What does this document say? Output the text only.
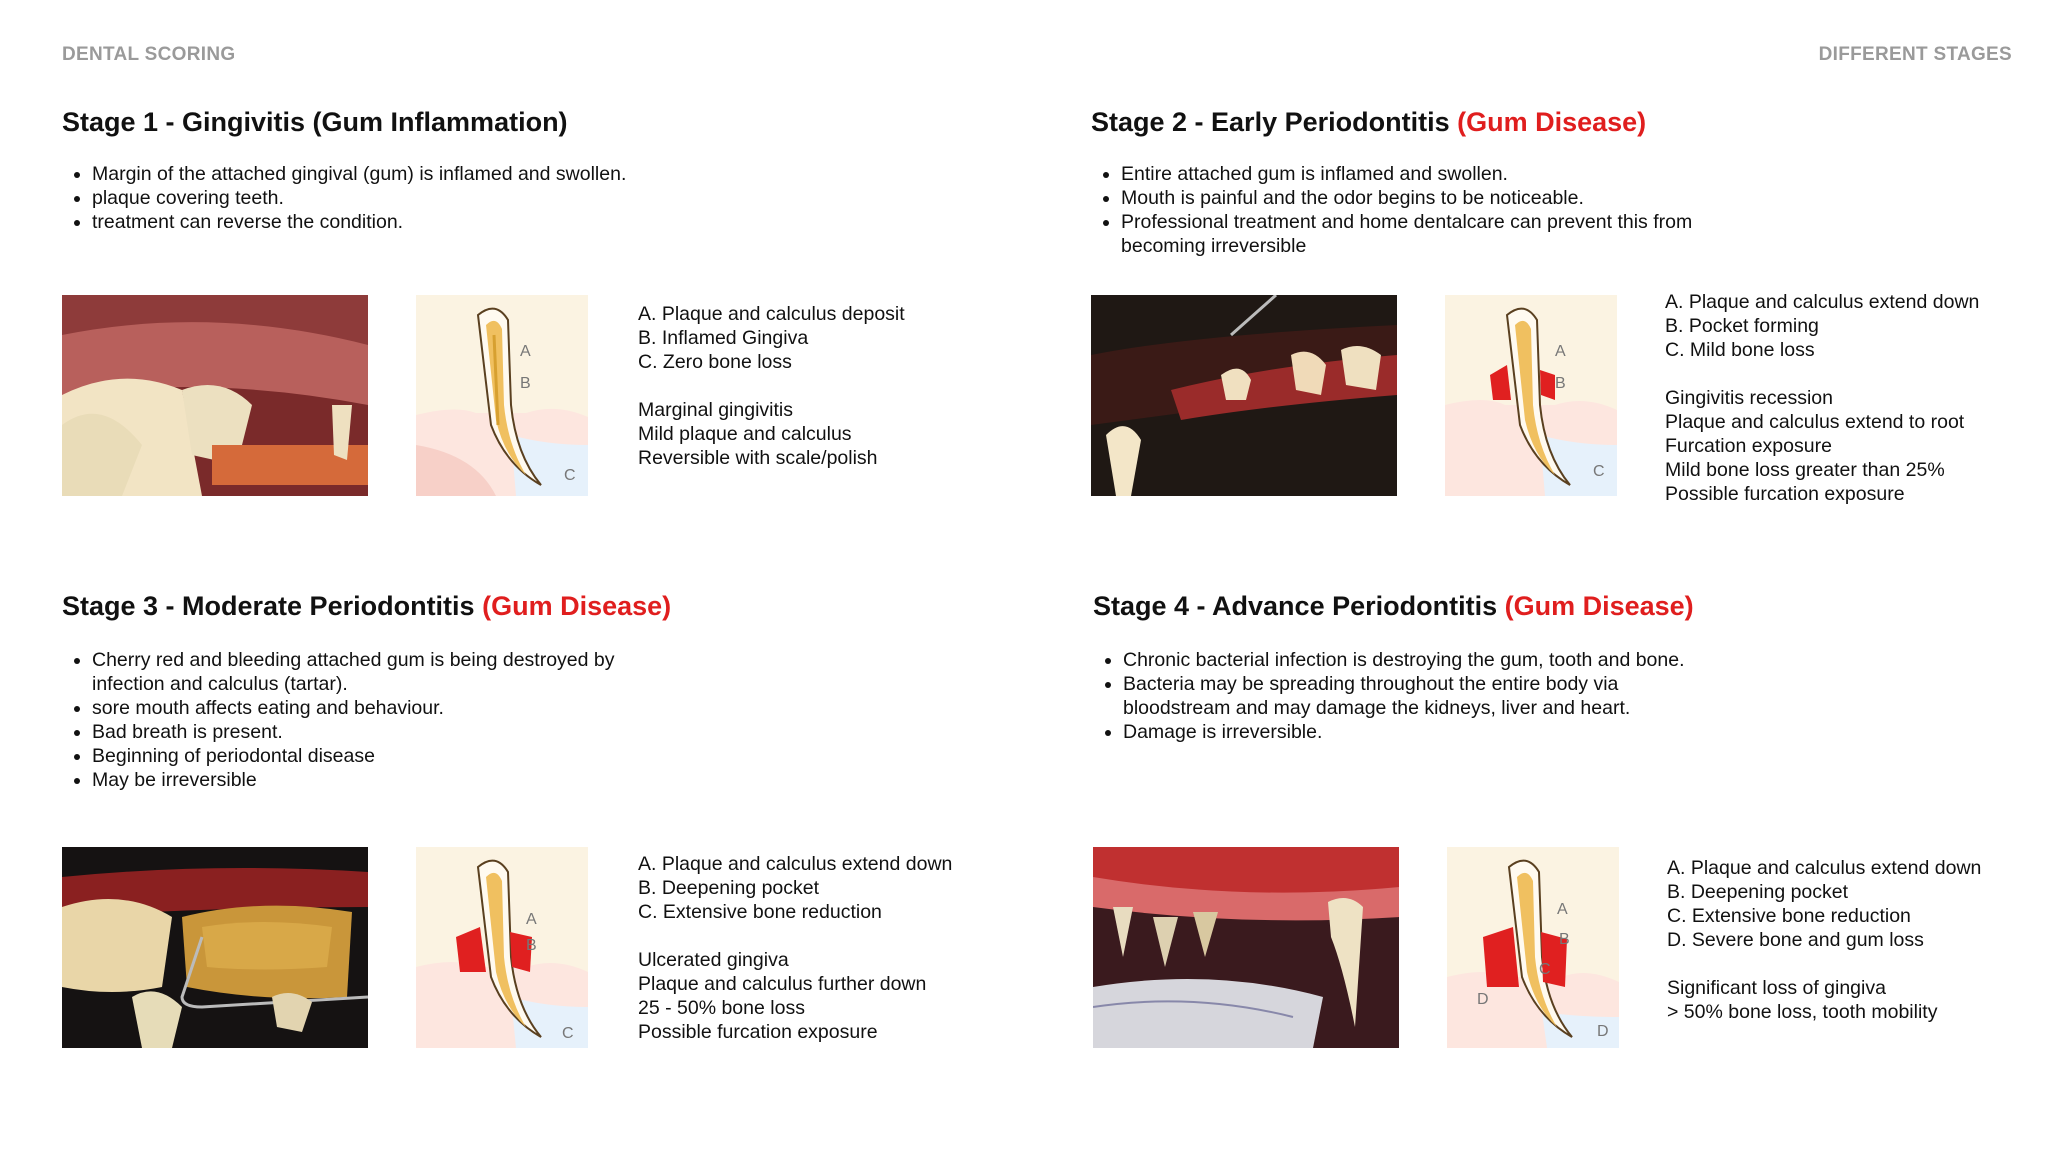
DENTAL SCORING	DIFFERENT STAGES
Stage 1 - Gingivitis (Gum Inflammation)
• Margin of the attached gingival (gum) is inflamed and swollen.
• plaque covering teeth.
• treatment can reverse the condition.
A
B
C

A. Plaque and calculus deposit

B. Inflamed Gingiva

C. Zero bone loss

Marginal gingivitis

Mild plaque and calculus

Reversible with scale/polish

Stage 2 - Early Periodontitis (Gum Disease)
• Entire attached gum is inflamed and swollen.
• Mouth is painful and the odor begins to be noticeable.
• Professional treatment and home dentalcare can prevent this from becoming irreversible
A
B
C

A. Plaque and calculus extend down

B. Pocket forming

C. Mild bone loss

Gingivitis recession

Plaque and calculus extend to root

Furcation exposure

Mild bone loss greater than 25%

Possible furcation exposure

Stage 3 - Moderate Periodontitis (Gum Disease)
• Cherry red and bleeding attached gum is being destroyed by infection and calculus (tartar).
• sore mouth affects eating and behaviour.
• Bad breath is present.
• Beginning of periodontal disease
• May be irreversible
A
B
C

A. Plaque and calculus extend down

B. Deepening pocket

C. Extensive bone reduction

Ulcerated gingiva

Plaque and calculus further down

25 - 50% bone loss

Possible furcation exposure

Stage 4 - Advance Periodontitis (Gum Disease)
• Chronic bacterial infection is destroying the gum, tooth and bone.
• Bacteria may be spreading throughout the entire body via bloodstream and may damage the kidneys, liver and heart.
• Damage is irreversible.
A
B
C
D
D

A. Plaque and calculus extend down

B. Deepening pocket

C. Extensive bone reduction

D. Severe bone and gum loss

Significant loss of gingiva

> 50% bone loss, tooth mobility
